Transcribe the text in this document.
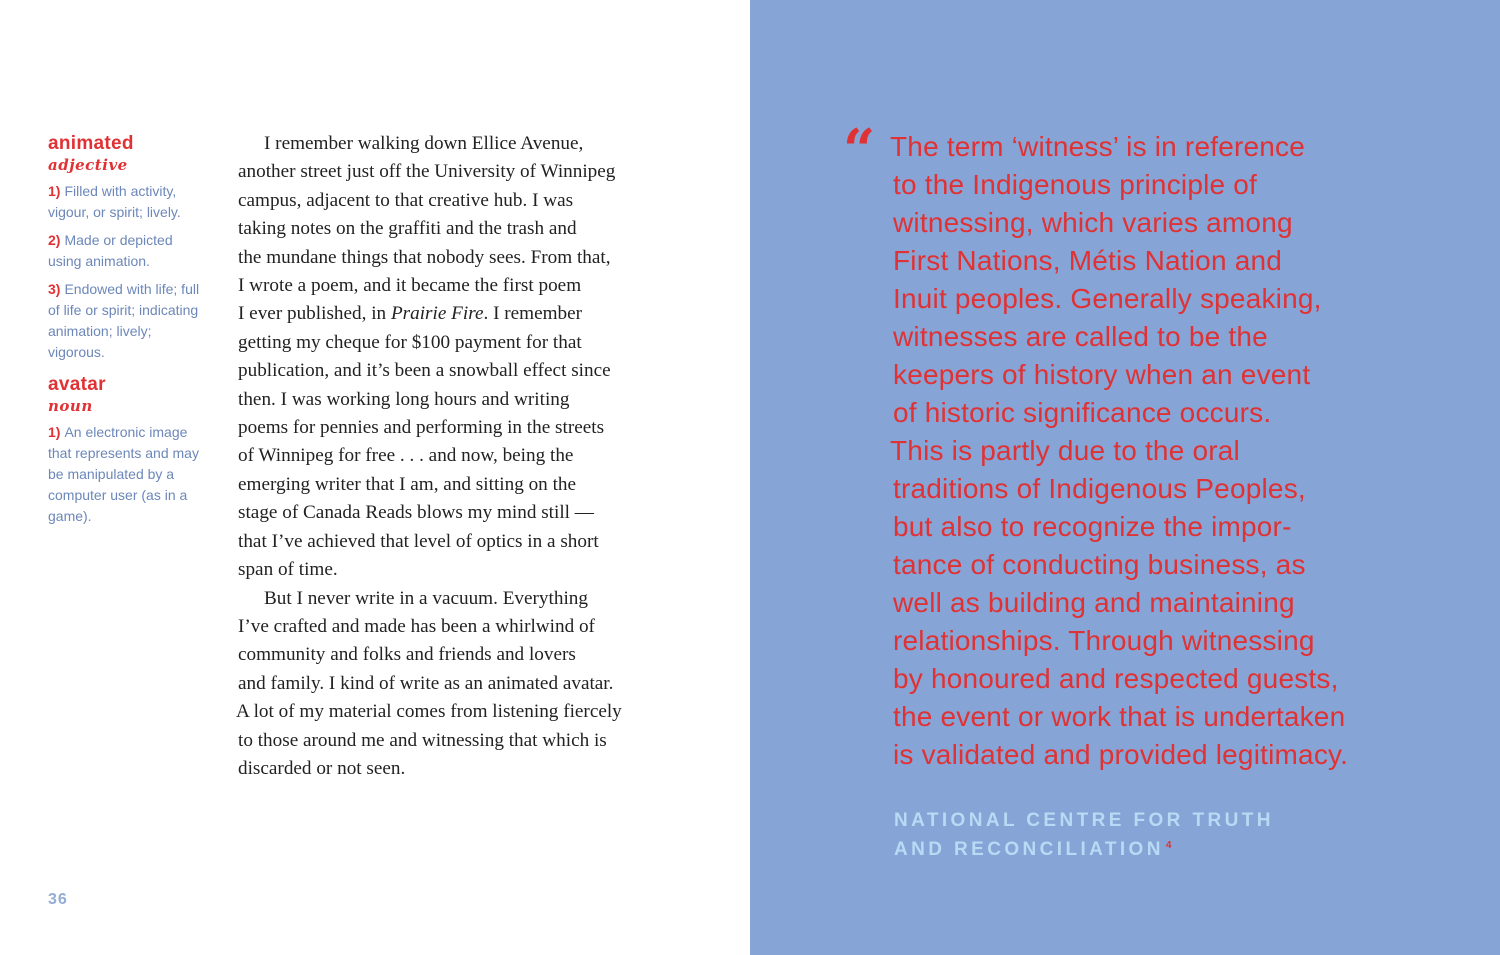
animated
adjective
1) Filled with activity, vigour, or spirit; lively.
2) Made or depicted using animation.
3) Endowed with life; full of life or spirit; indicating animation; lively; vigorous.
avatar
noun
1) An electronic image that represents and may be manipulated by a computer user (as in a game).
I remember walking down Ellice Avenue,
another street just off the University of Winnipeg
campus, adjacent to that creative hub. I was
taking notes on the graffiti and the trash and
the mundane things that nobody sees. From that,
I wrote a poem, and it became the first poem
I ever published, in Prairie Fire. I remember
getting my cheque for $100 payment for that
publication, and it’s been a snowball effect since
then. I was working long hours and writing
poems for pennies and performing in the streets
of Winnipeg for free . . . and now, being the
emerging writer that I am, and sitting on the
stage of Canada Reads blows my mind still —
that I’ve achieved that level of optics in a short
span of time.
But I never write in a vacuum. Everything
I’ve crafted and made has been a whirlwind of
community and folks and friends and lovers
and family. I kind of write as an animated avatar.
A lot of my material comes from listening fiercely
to those around me and witnessing that which is
discarded or not seen.
36
“ The term ‘witness’ is in reference
to the Indigenous principle of
witnessing, which varies among
First Nations, Métis Nation and
Inuit peoples. Generally speaking,
witnesses are called to be the
keepers of history when an event
of historic significance occurs.
This is partly due to the oral
traditions of Indigenous Peoples,
but also to recognize the impor-
tance of conducting business, as
well as building and maintaining
relationships. Through witnessing
by honoured and respected guests,
the event or work that is undertaken
is validated and provided legitimacy.
NATIONAL CENTRE FOR TRUTH
AND RECONCILIATION $^4$
